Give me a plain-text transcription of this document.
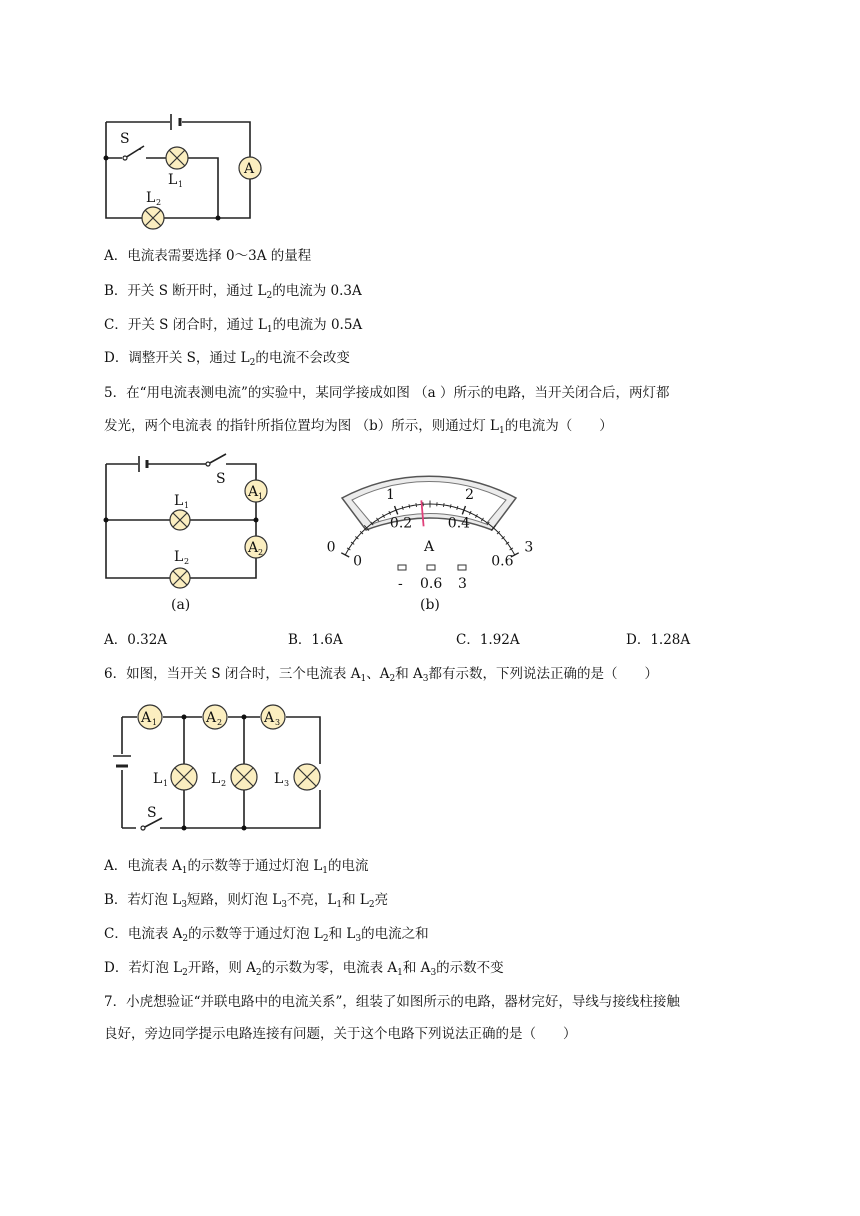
A
S
L 1
L 2
A．电流表需要选择 0～3A 的量程
B．开关 S 断开时，通过 $L_2$的电流为 0.3A
C．开关 S 闭合时，通过 $L_1$的电流为 0.5A
D．调整开关 S，通过 $L_2$的电流不会改变
5．在“用电流表测电流”的实验中，某同学接成如图 （a ）所示的电路，当开关闭合后，两灯都
发光，两个电流表 的指针所指位置均为图 （b）所示，则通过灯 $L_1$的电流为（　　）
A 1
A 2
S
L 1
L 2
(a)
0
1	2
3
0
0.2	0.4
0.6
A
- 0.6 3
(b)
A．0.32A	B．1.6A	C．1.92A	D．1.28A
6．如图，当开关 S 闭合时，三个电流表 $A_1$、$A_2$和 $A_3$都有示数，下列说法正确的是（　　）
A 1	A 2	A 3
L 1	L 2	L 3
S
A．电流表 $A_1$的示数等于通过灯泡 $L_1$的电流
B．若灯泡 $L_3$短路，则灯泡 $L_3$不亮，$L_1$和 $L_2$亮
C．电流表 $A_2$的示数等于通过灯泡 $L_2$和 $L_3$的电流之和
D．若灯泡 $L_2$开路，则 $A_2$的示数为零，电流表 $A_1$和 $A_3$的示数不变
7．小虎想验证“并联电路中的电流关系”，组装了如图所示的电路，器材完好，导线与接线柱接触
良好，旁边同学提示电路连接有问题，关于这个电路下列说法正确的是（　　）
